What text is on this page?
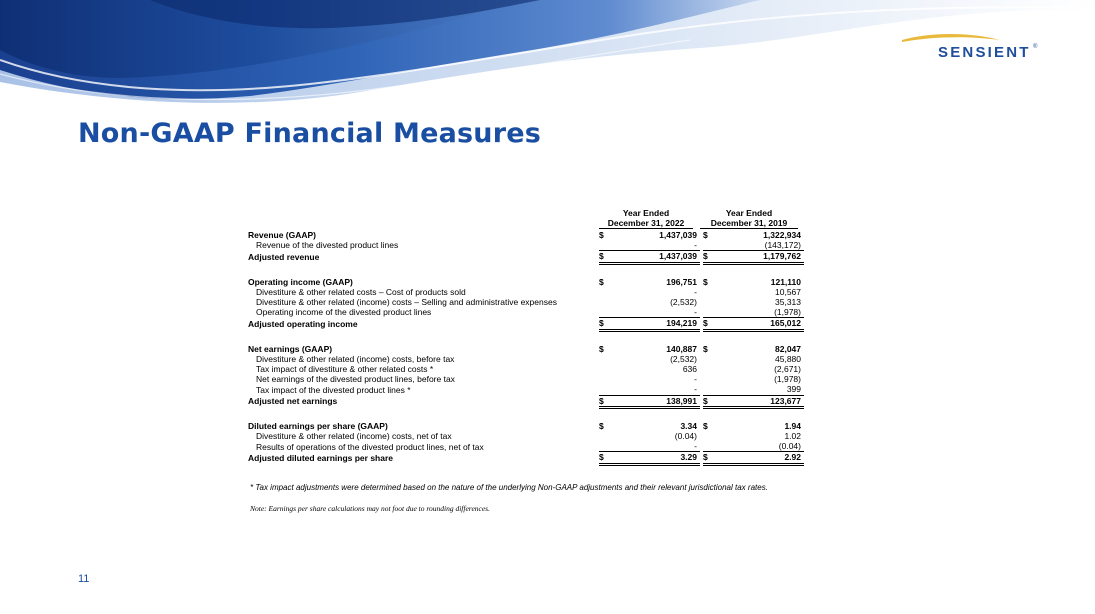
SENSIENT ®
Non-GAAP Financial Measures
Year Ended
December 31, 2022
Year Ended
December 31, 2019
Revenue (GAAP)	$	1,437,039		$	1,322,934
Revenue of the divested product lines		-			(143,172)
Adjusted revenue	$	1,437,039		$	1,179,762

Operating income (GAAP)	$	196,751		$	121,110
Divestiture & other related costs – Cost of products sold		-			10,567
Divestiture & other related (income) costs – Selling and administrative expenses		(2,532)			35,313
Operating income of the divested product lines		-			(1,978)
Adjusted operating income	$	194,219		$	165,012

Net earnings (GAAP)	$	140,887		$	82,047
Divestiture & other related (income) costs, before tax		(2,532)			45,880
Tax impact of divestiture & other related costs *		636			(2,671)
Net earnings of the divested product lines, before tax		-			(1,978)
Tax impact of the divested product lines *		-			399
Adjusted net earnings	$	138,991		$	123,677

Diluted earnings per share (GAAP)	$	3.34		$	1.94
Divestiture & other related (income) costs, net of tax		(0.04)			1.02
Results of operations of the divested product lines, net of tax		-			(0.04)
Adjusted diluted earnings per share	$	3.29		$	2.92
* Tax impact adjustments were determined based on the nature of the underlying Non-GAAP adjustments and their relevant jurisdictional tax rates.
Note: Earnings per share calculations may not foot due to rounding differences.
11
